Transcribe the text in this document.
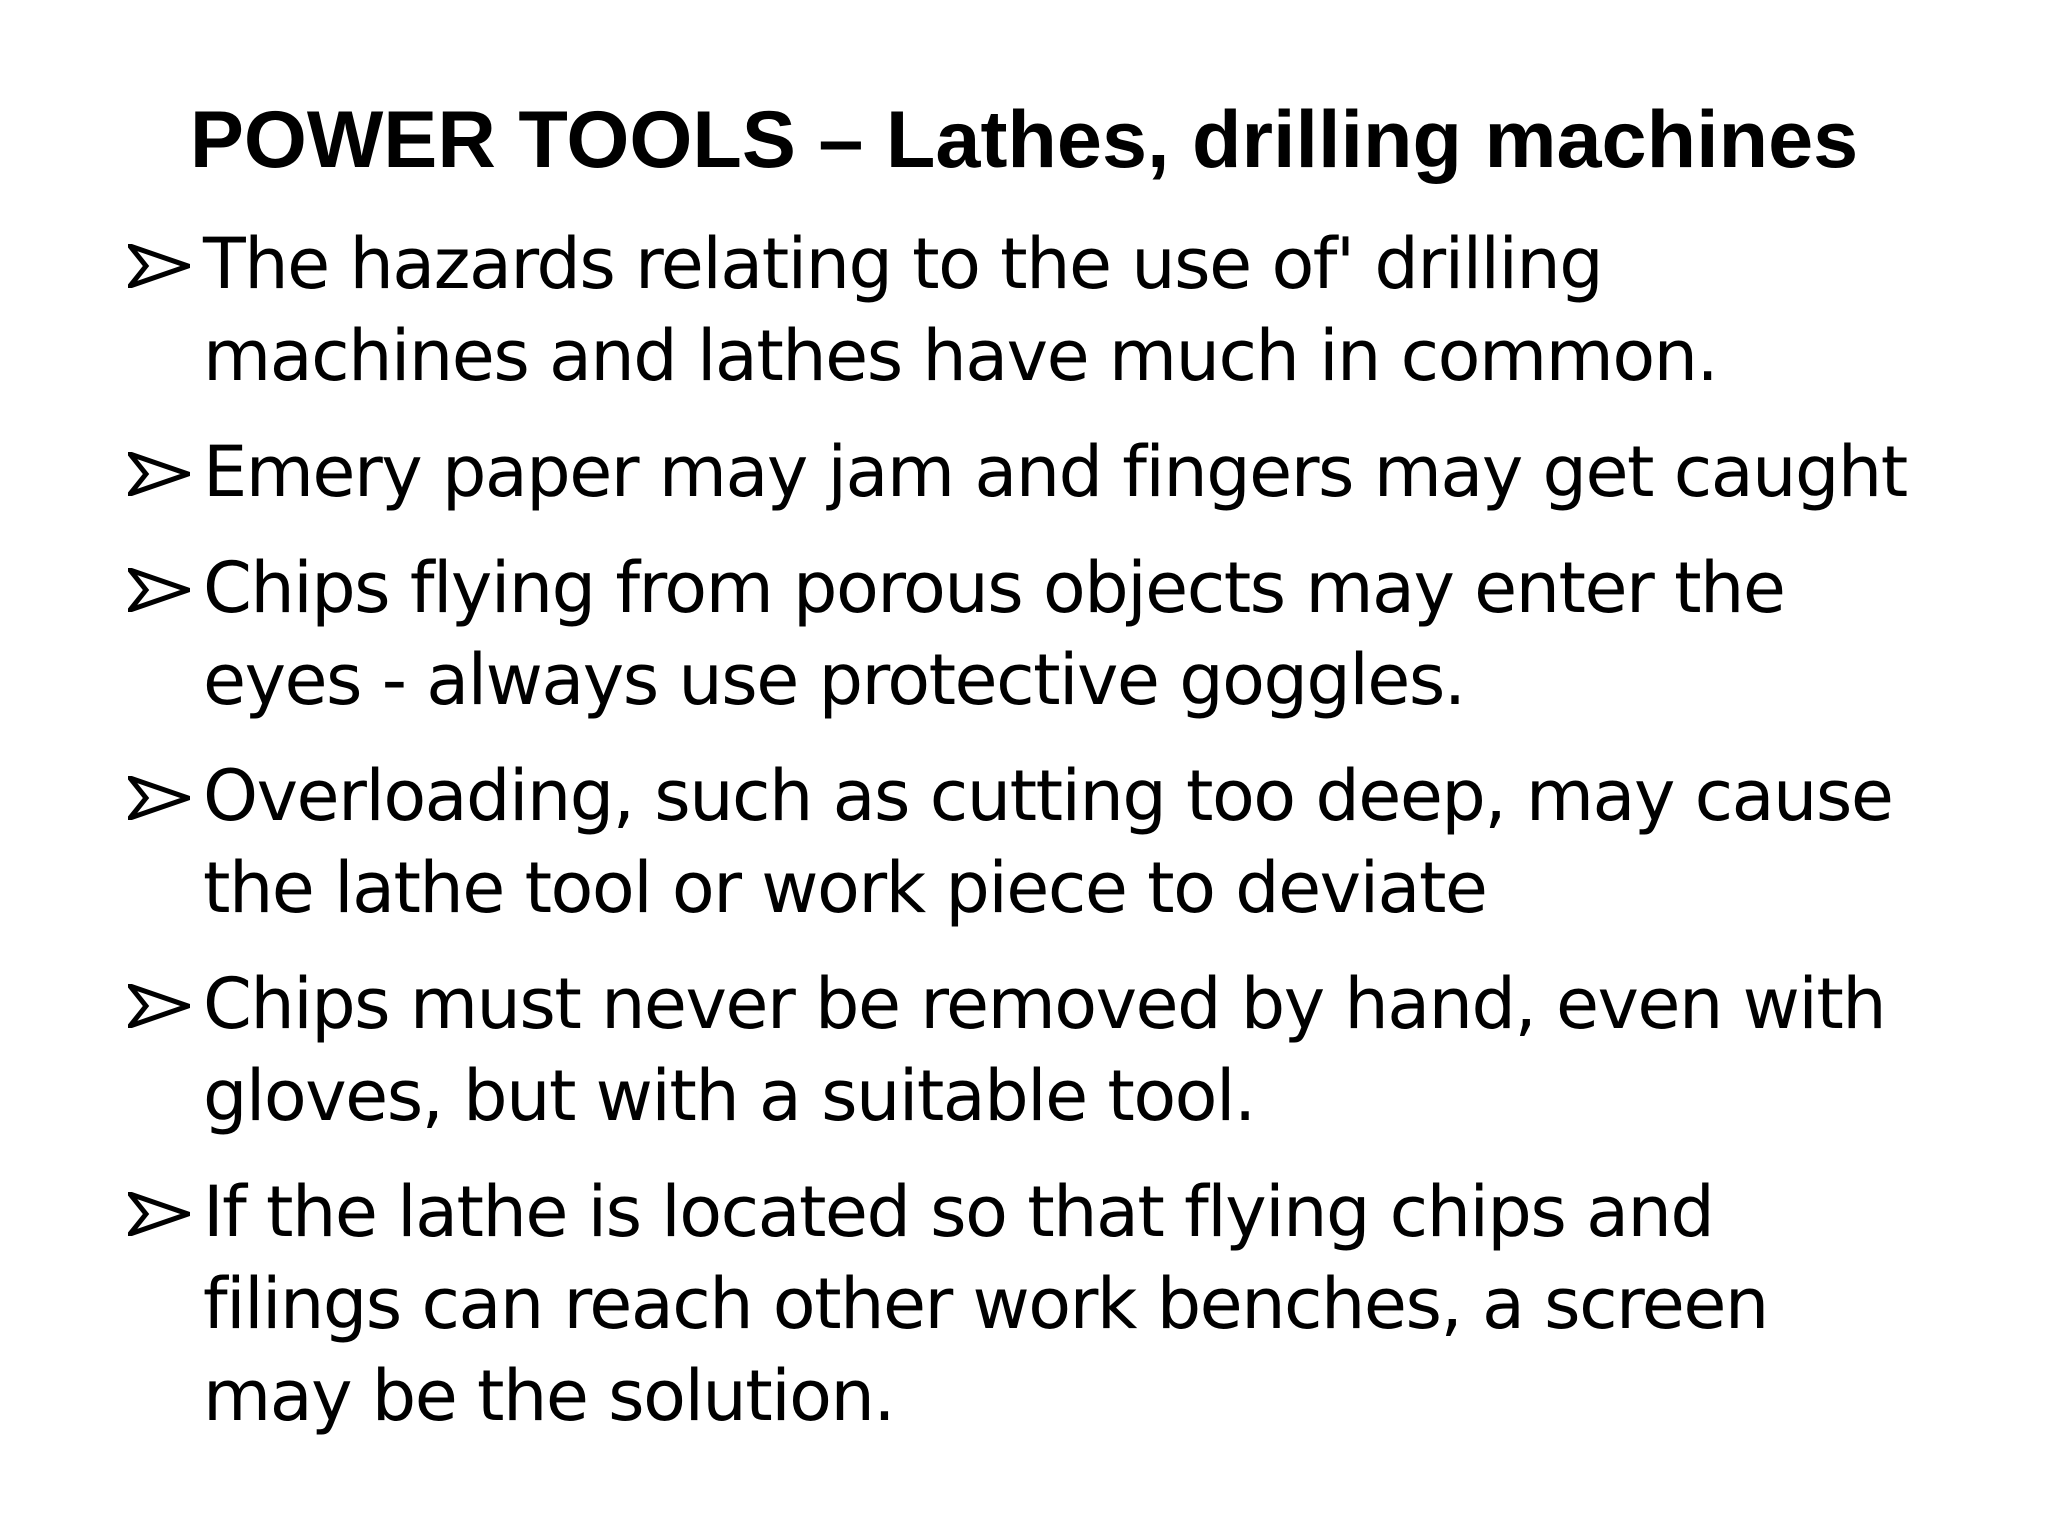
POWER TOOLS – Lathes, drilling machines
The hazards relating to the use of' drilling
machines and lathes have much in common.
Emery paper may jam and fingers may get caught
Chips flying from porous objects may enter the
eyes - always use protective goggles.
Overloading, such as cutting too deep, may cause
the lathe tool or work piece to deviate
Chips must never be removed by hand, even with
gloves, but with a suitable tool.
If the lathe is located so that flying chips and
filings can reach other work benches, a screen
may be the solution.
